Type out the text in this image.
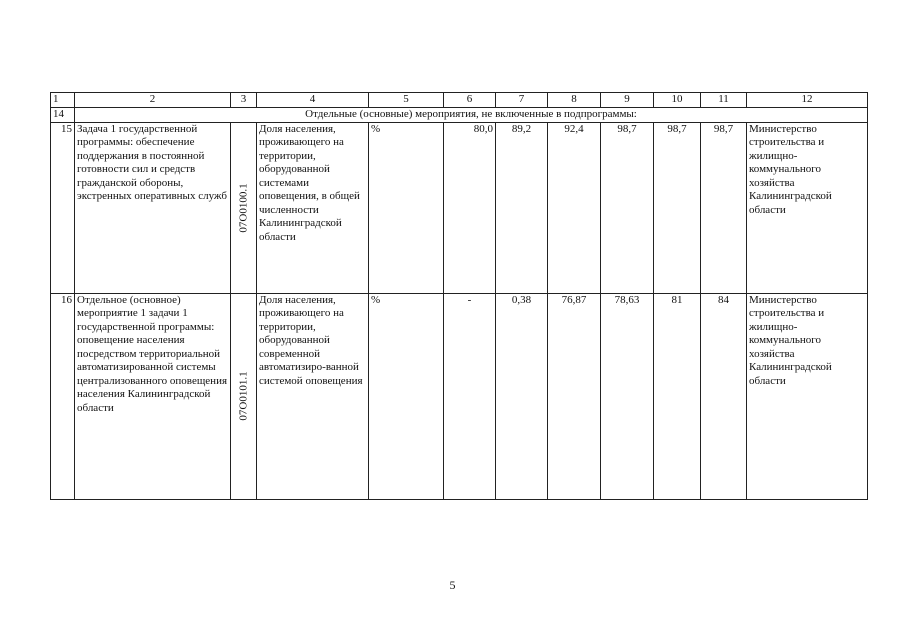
1	2	3	4	5	6	7	8	9	10	11	12
14	Отдельные (основные) мероприятия, не включенные в подпрограммы:										
15	Задача 1 государственной программы: обеспечение поддержания в постоянной готовности сил и средств гражданской обороны, экстренных оперативных служб	07О0100.1	Доля населения, проживающего на территории, оборудованной системами оповещения, в общей численности Калининградской области	%	80,0	89,2	92,4	98,7	98,7	98,7	Министерство строительства и жилищно-коммунального хозяйства Калининградской области
16	Отдельное (основное) мероприятие 1 задачи 1 государственной программы: оповещение населения посредством территориальной автоматизированной системы централизованного оповещения населения Калининградской области	07О0101.1	Доля населения, проживающего на территории, оборудованной современной автоматизиро-ванной системой оповещения	%	-	0,38	76,87	78,63	81	84	Министерство строительства и жилищно-коммунального хозяйства Калининградской области
5
